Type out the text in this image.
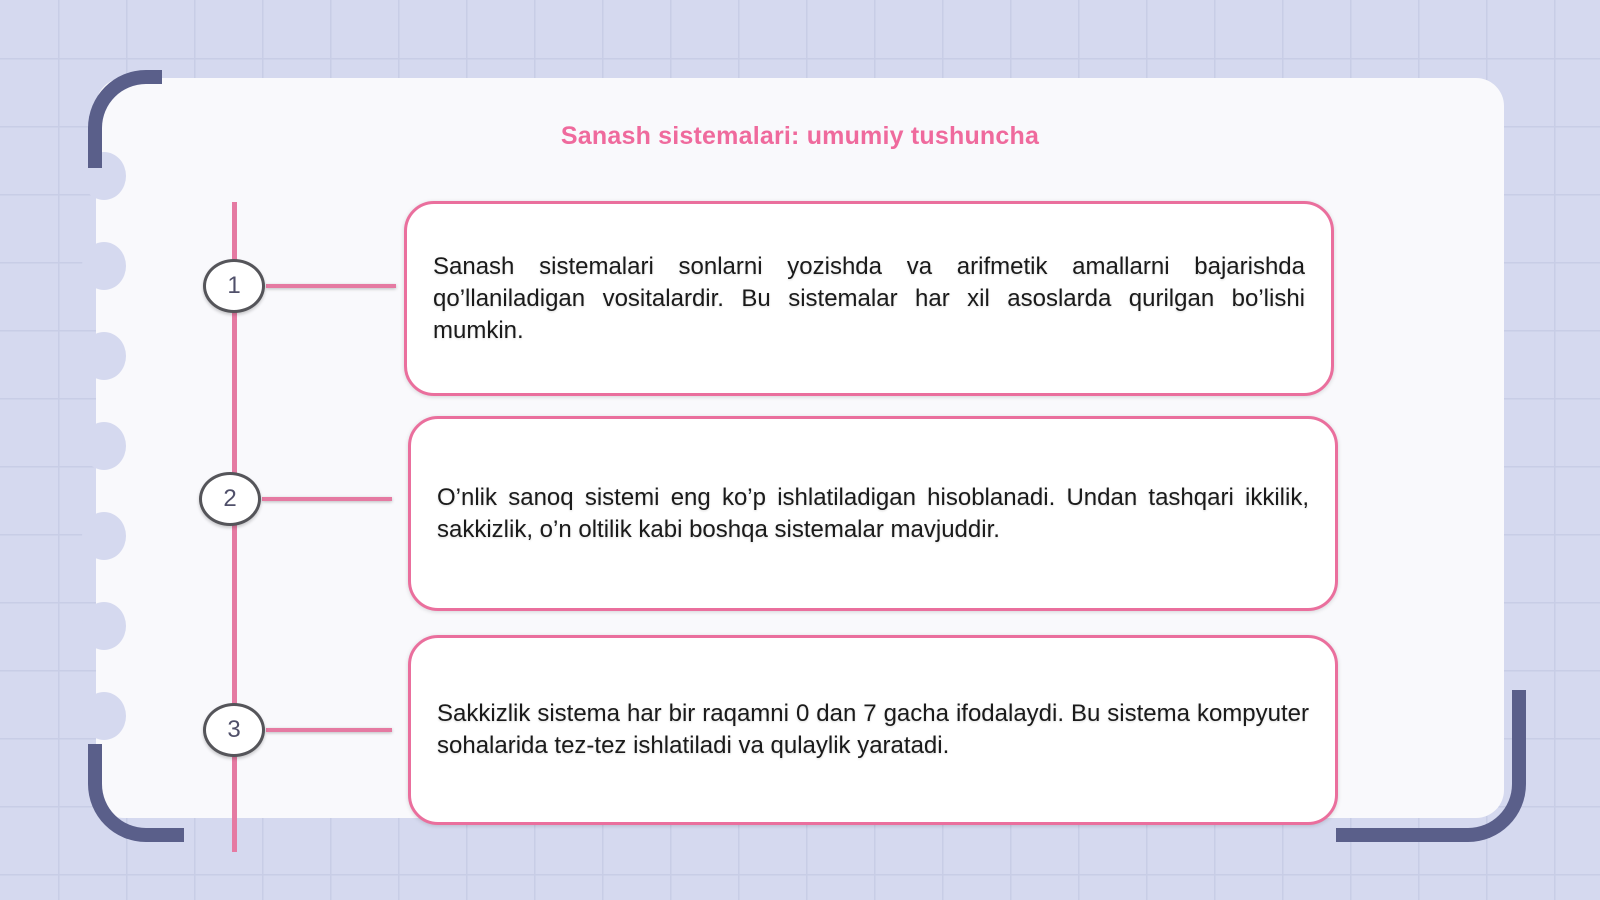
Sanash sistemalari: umumiy tushuncha
1

Sanash sistemalari sonlarni yozishda va arifmetik amallarni bajarishda qo’llaniladigan vositalardir. Bu sistemalar har xil asoslarda qurilgan bo’lishi mumkin.

2	O’nlik sanoq sistemi eng ko’p ishlatiladigan hisoblanadi. Undan tashqari ikkilik, sakkizlik, o’n oltilik kabi boshqa sistemalar mavjuddir.

3

Sakkizlik sistema har bir raqamni 0 dan 7 gacha ifodalaydi. Bu sistema kompyuter sohalarida tez-tez ishlatiladi va qulaylik yaratadi.
